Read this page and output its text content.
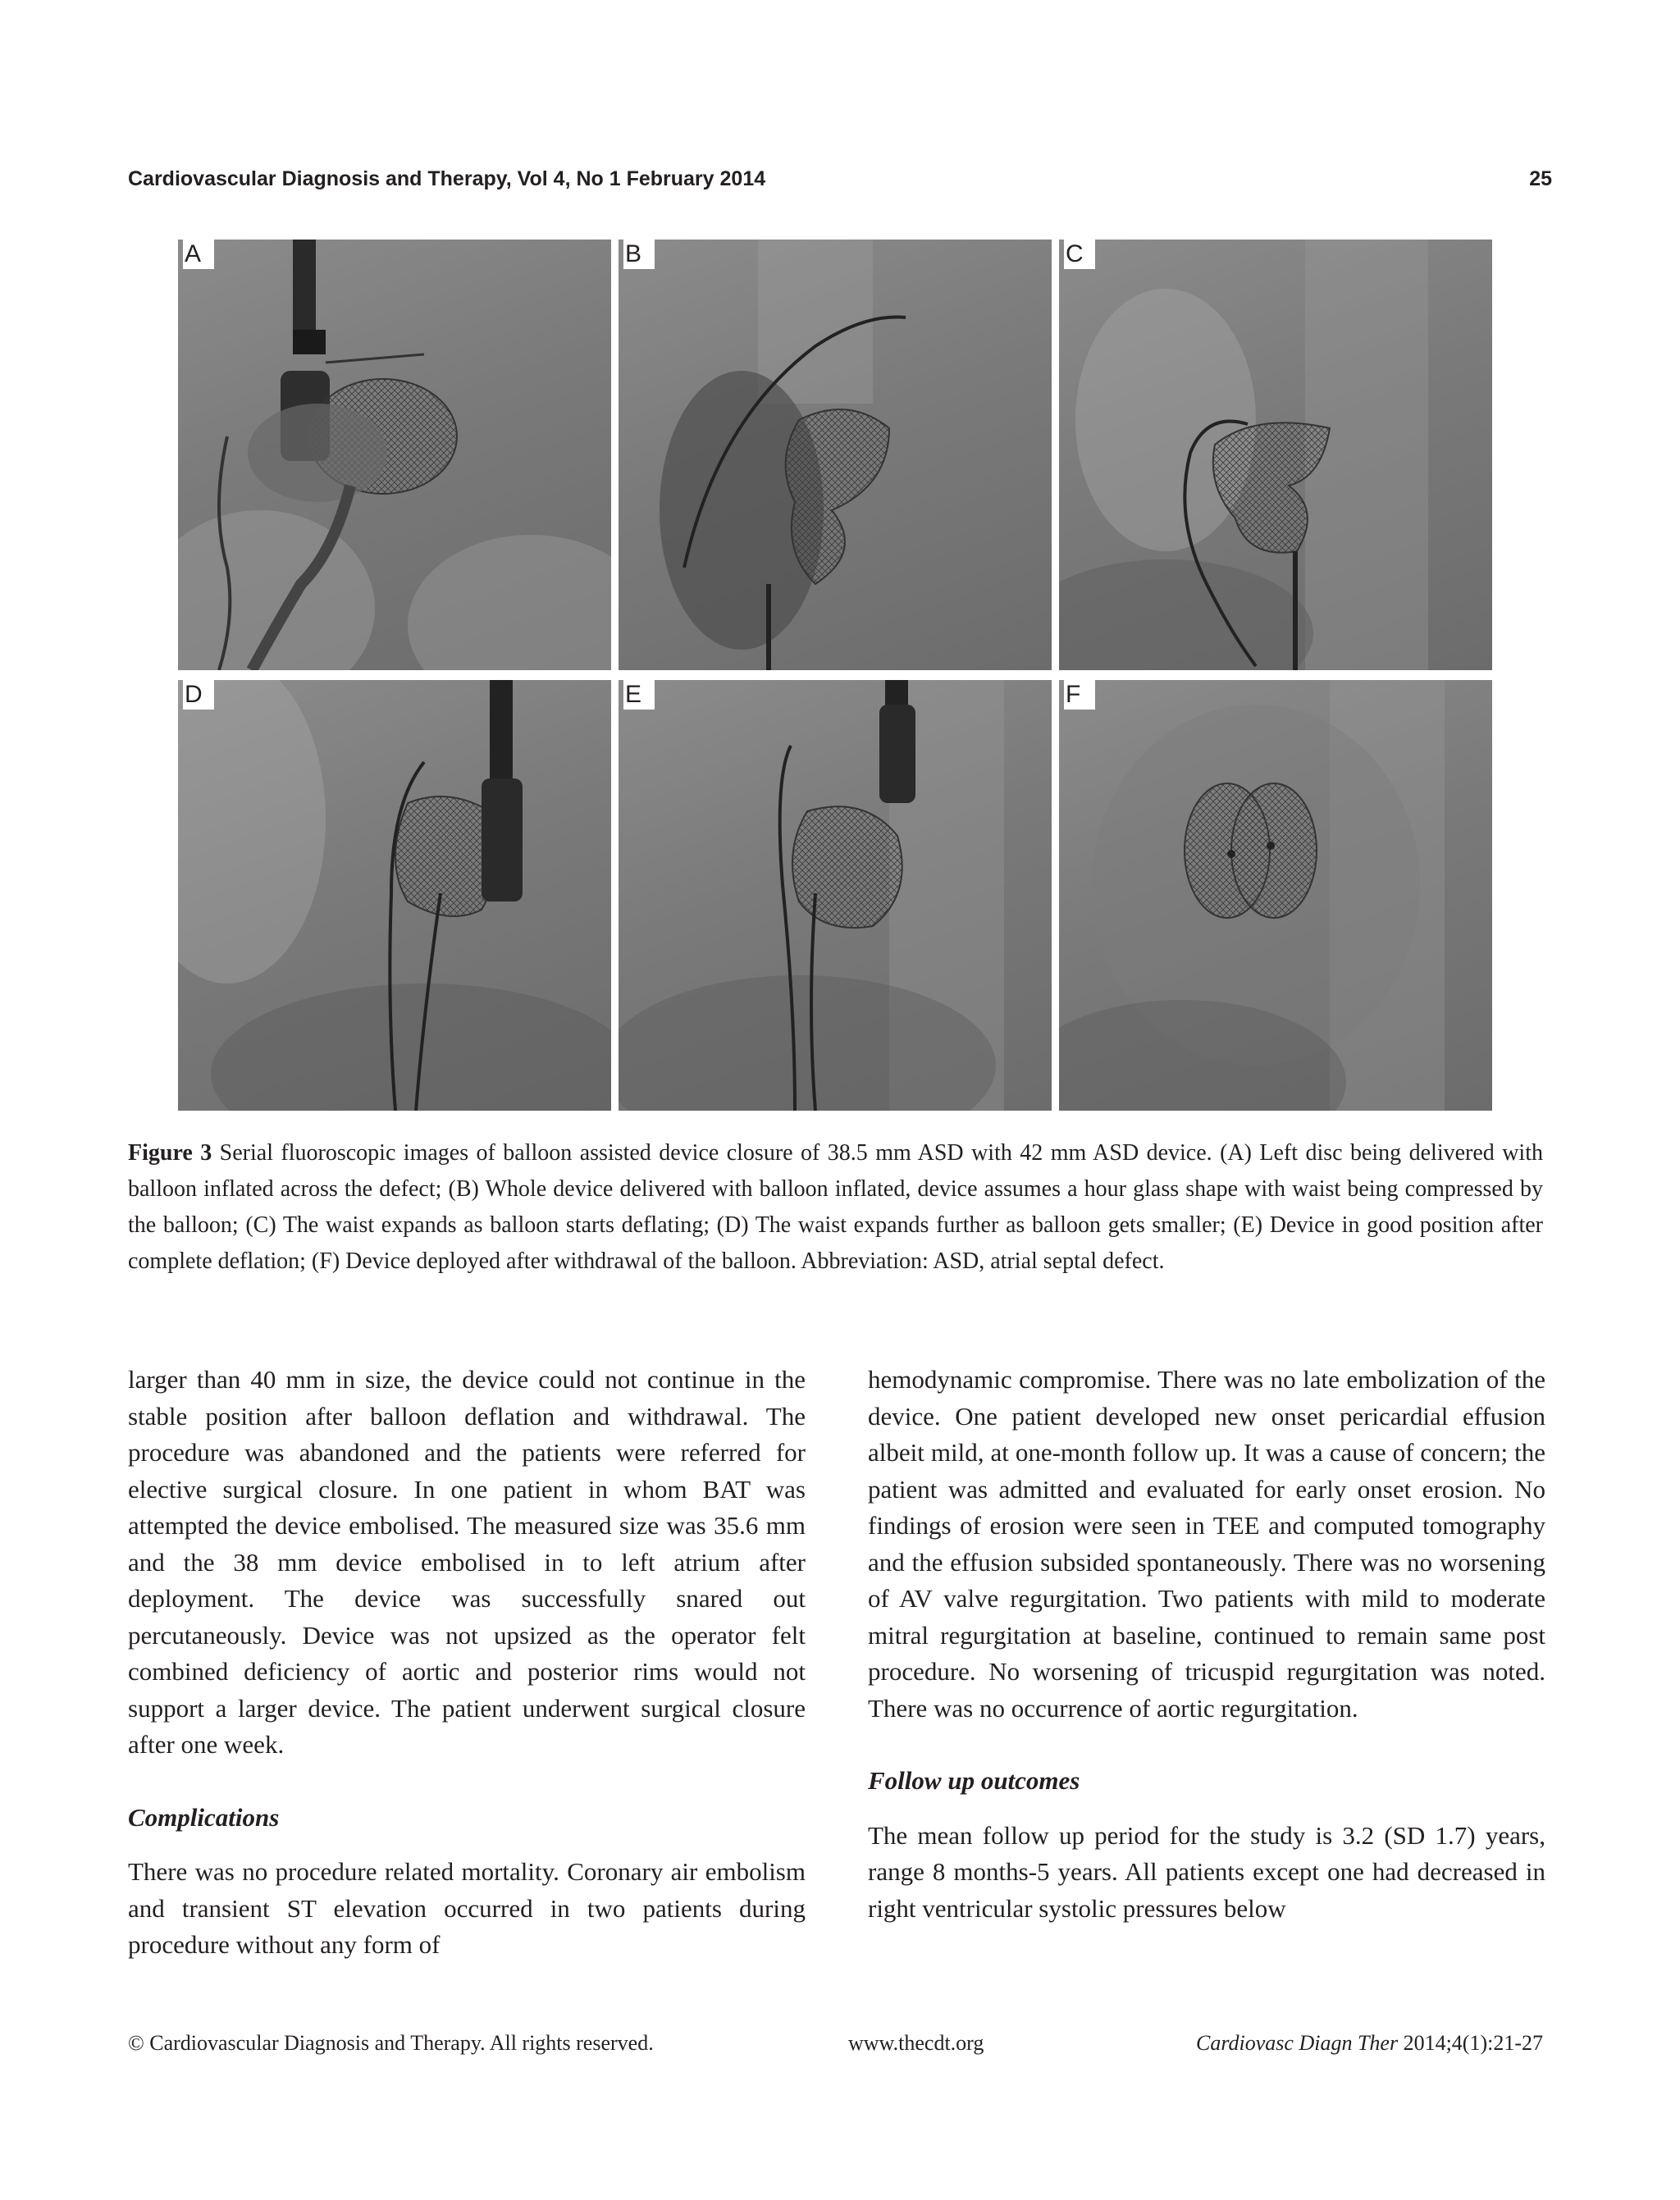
Cardiovascular Diagnosis and Therapy, Vol 4, No 1 February 2014	25
A	B	C
D	E	F
Figure 3 Serial fluoroscopic images of balloon assisted device closure of 38.5 mm ASD with 42 mm ASD device. (A) Left disc being delivered with balloon inflated across the defect; (B) Whole device delivered with balloon inflated, device assumes a hour glass shape with waist being compressed by the balloon; (C) The waist expands as balloon starts deflating; (D) The waist expands further as balloon gets smaller; (E) Device in good position after complete deflation; (F) Device deployed after withdrawal of the balloon. Abbreviation: ASD, atrial septal defect.

larger than 40 mm in size, the device could not continue in the stable position after balloon deflation and withdrawal. The procedure was abandoned and the patients were referred for elective surgical closure. In one patient in whom BAT was attempted the device embolised. The measured size was 35.6 mm and the 38 mm device embolised in to left atrium after deployment. The device was successfully snared out percutaneously. Device was not upsized as the operator felt combined deficiency of aortic and posterior rims would not support a larger device. The patient underwent surgical closure after one week.

Complications

There was no procedure related mortality. Coronary air embolism and transient ST elevation occurred in two patients during procedure without any form of

hemodynamic compromise. There was no late embolization of the device. One patient developed new onset pericardial effusion albeit mild, at one-month follow up. It was a cause of concern; the patient was admitted and evaluated for early onset erosion. No findings of erosion were seen in TEE and computed tomography and the effusion subsided spontaneously. There was no worsening of AV valve regurgitation. Two patients with mild to moderate mitral regurgitation at baseline, continued to remain same post procedure. No worsening of tricuspid regurgitation was noted. There was no occurrence of aortic regurgitation.

Follow up outcomes

The mean follow up period for the study is 3.2 (SD 1.7) years, range 8 months-5 years. All patients except one had decreased in right ventricular systolic pressures below

© Cardiovascular Diagnosis and Therapy. All rights reserved.	www.thecdt.org	Cardiovasc Diagn Ther 2014;4(1):21-27
